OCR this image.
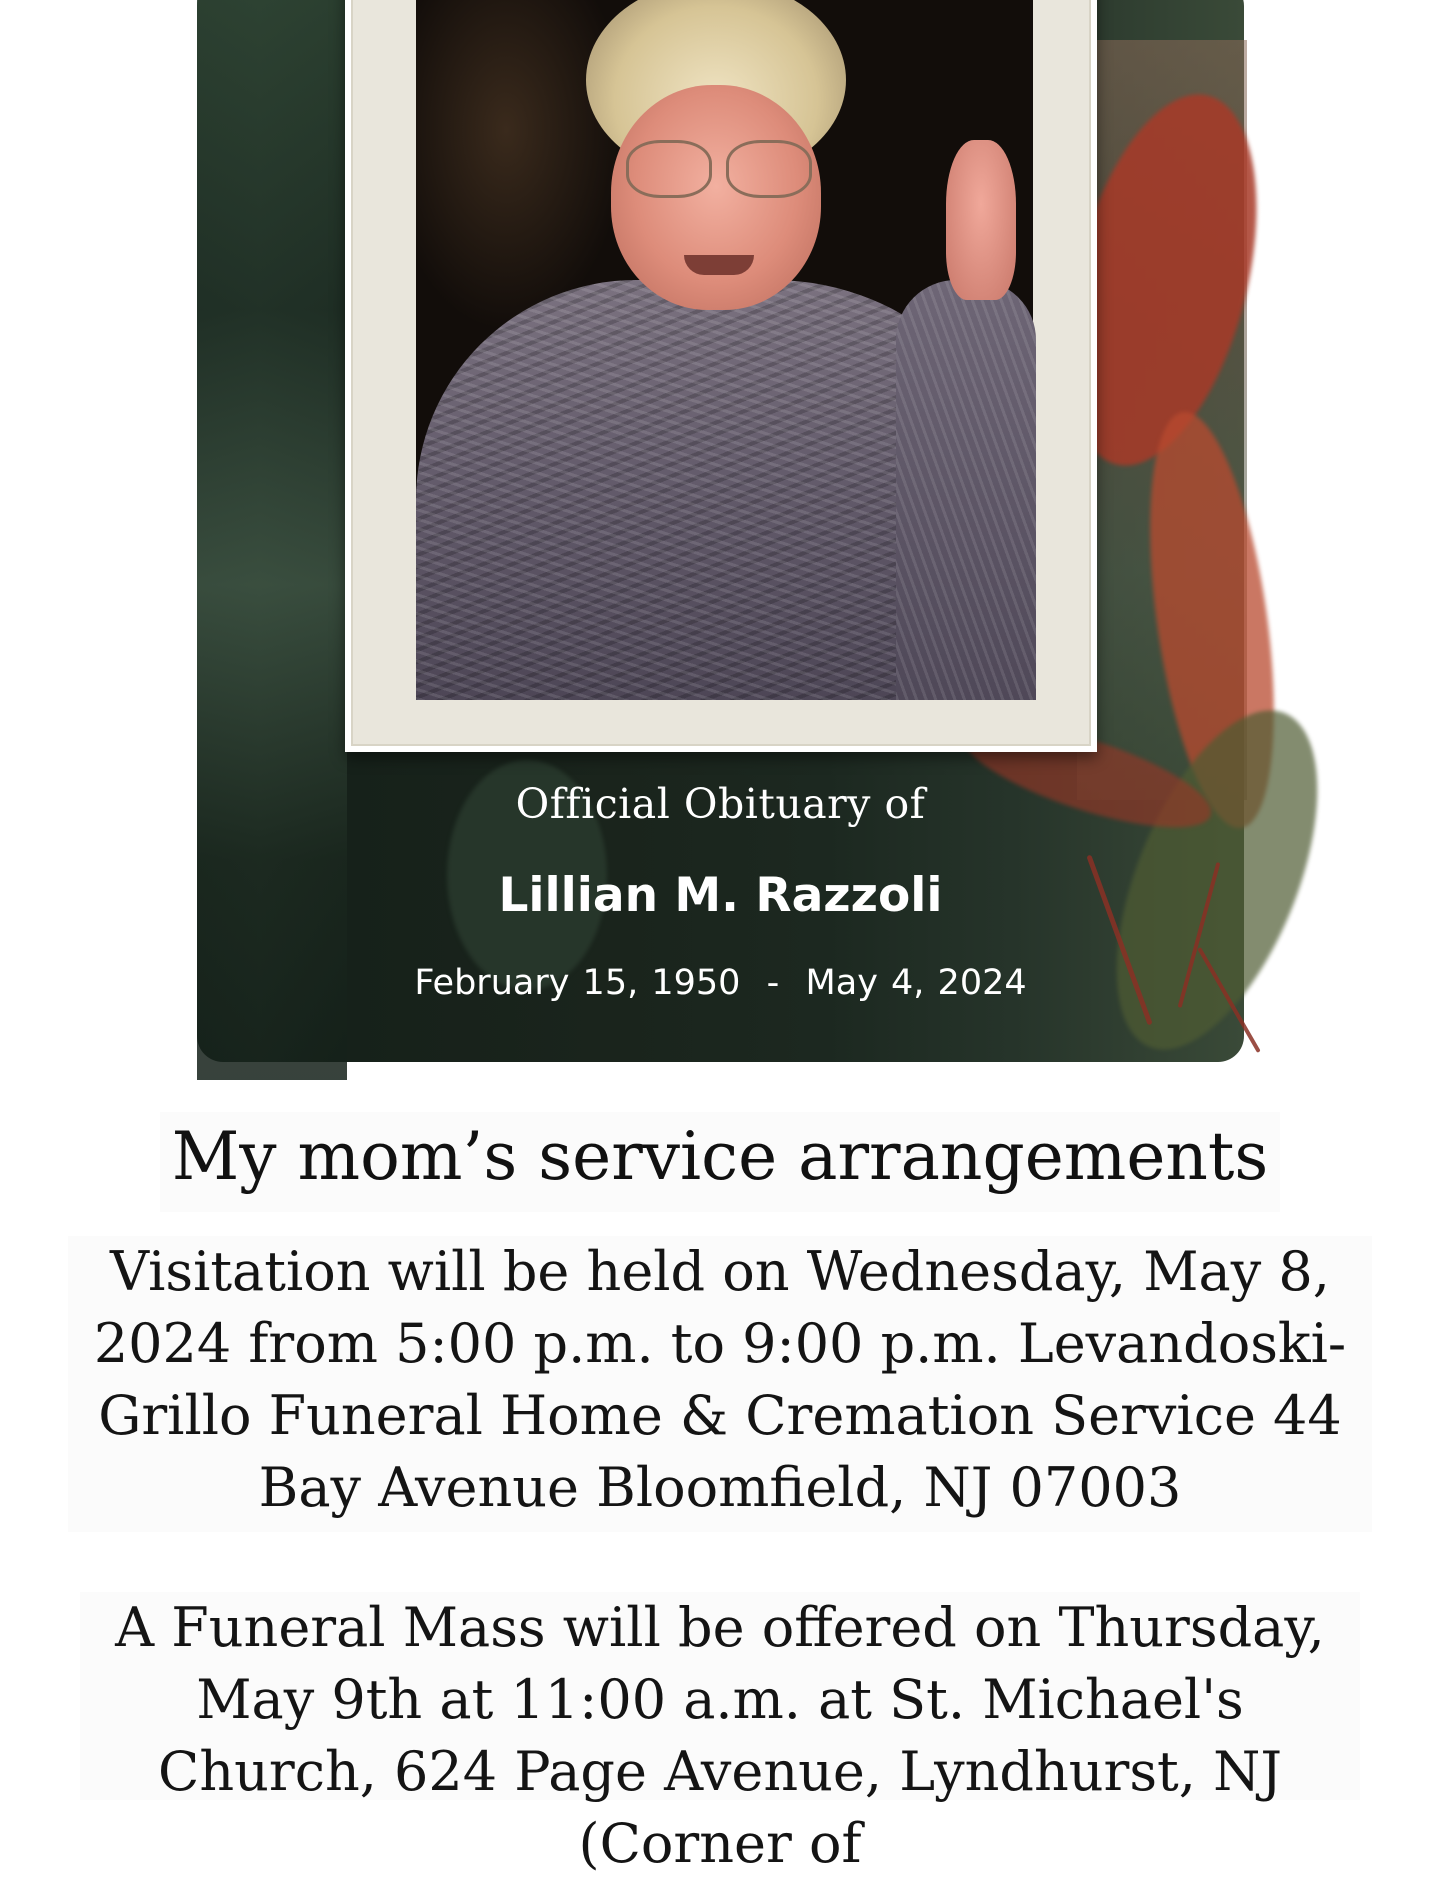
Official Obituary of
Lillian M. Razzoli
February 15, 1950  -  May 4, 2024
My mom’s service arrangements
Visitation will be held on Wednesday, May 8, 2024 from 5:00 p.m. to 9:00 p.m. Levandoski-Grillo Funeral Home & Cremation Service 44 Bay Avenue Bloomfield, NJ 07003
A Funeral Mass will be offered on Thursday, May 9th at 11:00 a.m. at St. Michael's Church, 624 Page Avenue, Lyndhurst, NJ (Corner of
